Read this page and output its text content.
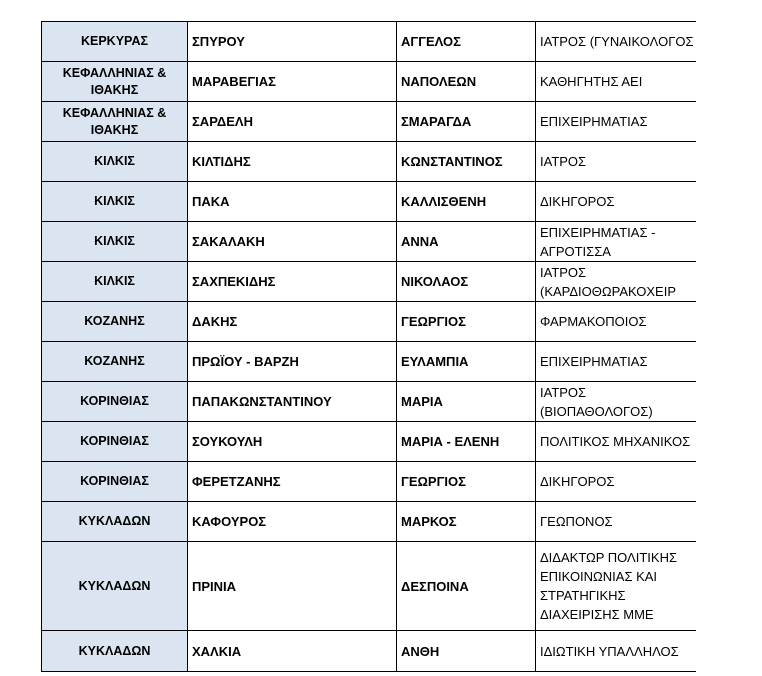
ΚΕΡΚΥΡΑΣ	ΣΠΥΡΟΥ	ΑΓΓΕΛΟΣ	ΙΑΤΡΟΣ (ΓΥΝΑΙΚΟΛΟΓΟΣ
ΚΕΦΑΛΛΗΝΙΑΣ & ΙΘΑΚΗΣ	ΜΑΡΑΒΕΓΙΑΣ	ΝΑΠΟΛΕΩΝ	ΚΑΘΗΓΗΤΗΣ ΑΕΙ
ΚΕΦΑΛΛΗΝΙΑΣ & ΙΘΑΚΗΣ	ΣΑΡΔΕΛΗ	ΣΜΑΡΑΓΔΑ	ΕΠΙΧΕΙΡΗΜΑΤΙΑΣ
ΚΙΛΚΙΣ	ΚΙΛΤΙΔΗΣ	ΚΩΝΣΤΑΝΤΙΝΟΣ	ΙΑΤΡΟΣ
ΚΙΛΚΙΣ	ΠΑΚΑ	ΚΑΛΛΙΣΘΕΝΗ	ΔΙΚΗΓΟΡΟΣ
ΚΙΛΚΙΣ	ΣΑΚΑΛΑΚΗ	ΑΝΝΑ	ΕΠΙΧΕΙΡΗΜΑΤΙΑΣ - ΑΓΡΟΤΙΣΣΑ
ΚΙΛΚΙΣ	ΣΑΧΠΕΚΙΔΗΣ	ΝΙΚΟΛΑΟΣ	ΙΑΤΡΟΣ (ΚΑΡΔΙΟΘΩΡΑΚΟΧΕΙΡ
ΚΟΖΑΝΗΣ	ΔΑΚΗΣ	ΓΕΩΡΓΙΟΣ	ΦΑΡΜΑΚΟΠΟΙΟΣ
ΚΟΖΑΝΗΣ	ΠΡΩΪΟΥ - ΒΑΡΖΗ	ΕΥΛΑΜΠΙΑ	ΕΠΙΧΕΙΡΗΜΑΤΙΑΣ
ΚΟΡΙΝΘΙΑΣ	ΠΑΠΑΚΩΝΣΤΑΝΤΙΝΟΥ	ΜΑΡΙΑ	ΙΑΤΡΟΣ (ΒΙΟΠΑΘΟΛΟΓΟΣ)
ΚΟΡΙΝΘΙΑΣ	ΣΟΥΚΟΥΛΗ	ΜΑΡΙΑ - ΕΛΕΝΗ	ΠΟΛΙΤΙΚΟΣ ΜΗΧΑΝΙΚΟΣ
ΚΟΡΙΝΘΙΑΣ	ΦΕΡΕΤΖΑΝΗΣ	ΓΕΩΡΓΙΟΣ	ΔΙΚΗΓΟΡΟΣ
ΚΥΚΛΑΔΩΝ	ΚΑΦΟΥΡΟΣ	ΜΑΡΚΟΣ	ΓΕΩΠΟΝΟΣ
ΚΥΚΛΑΔΩΝ	ΠΡΙΝΙΑ	ΔΕΣΠΟΙΝΑ	ΔΙΔΑΚΤΩΡ ΠΟΛΙΤΙΚΗΣ ΕΠΙΚΟΙΝΩΝΙΑΣ ΚΑΙ ΣΤΡΑΤΗΓΙΚΗΣ ΔΙΑΧΕΙΡΙΣΗΣ ΜΜΕ
ΚΥΚΛΑΔΩΝ	ΧΑΛΚΙΑ	ΑΝΘΗ	ΙΔΙΩΤΙΚΗ ΥΠΑΛΛΗΛΟΣ
